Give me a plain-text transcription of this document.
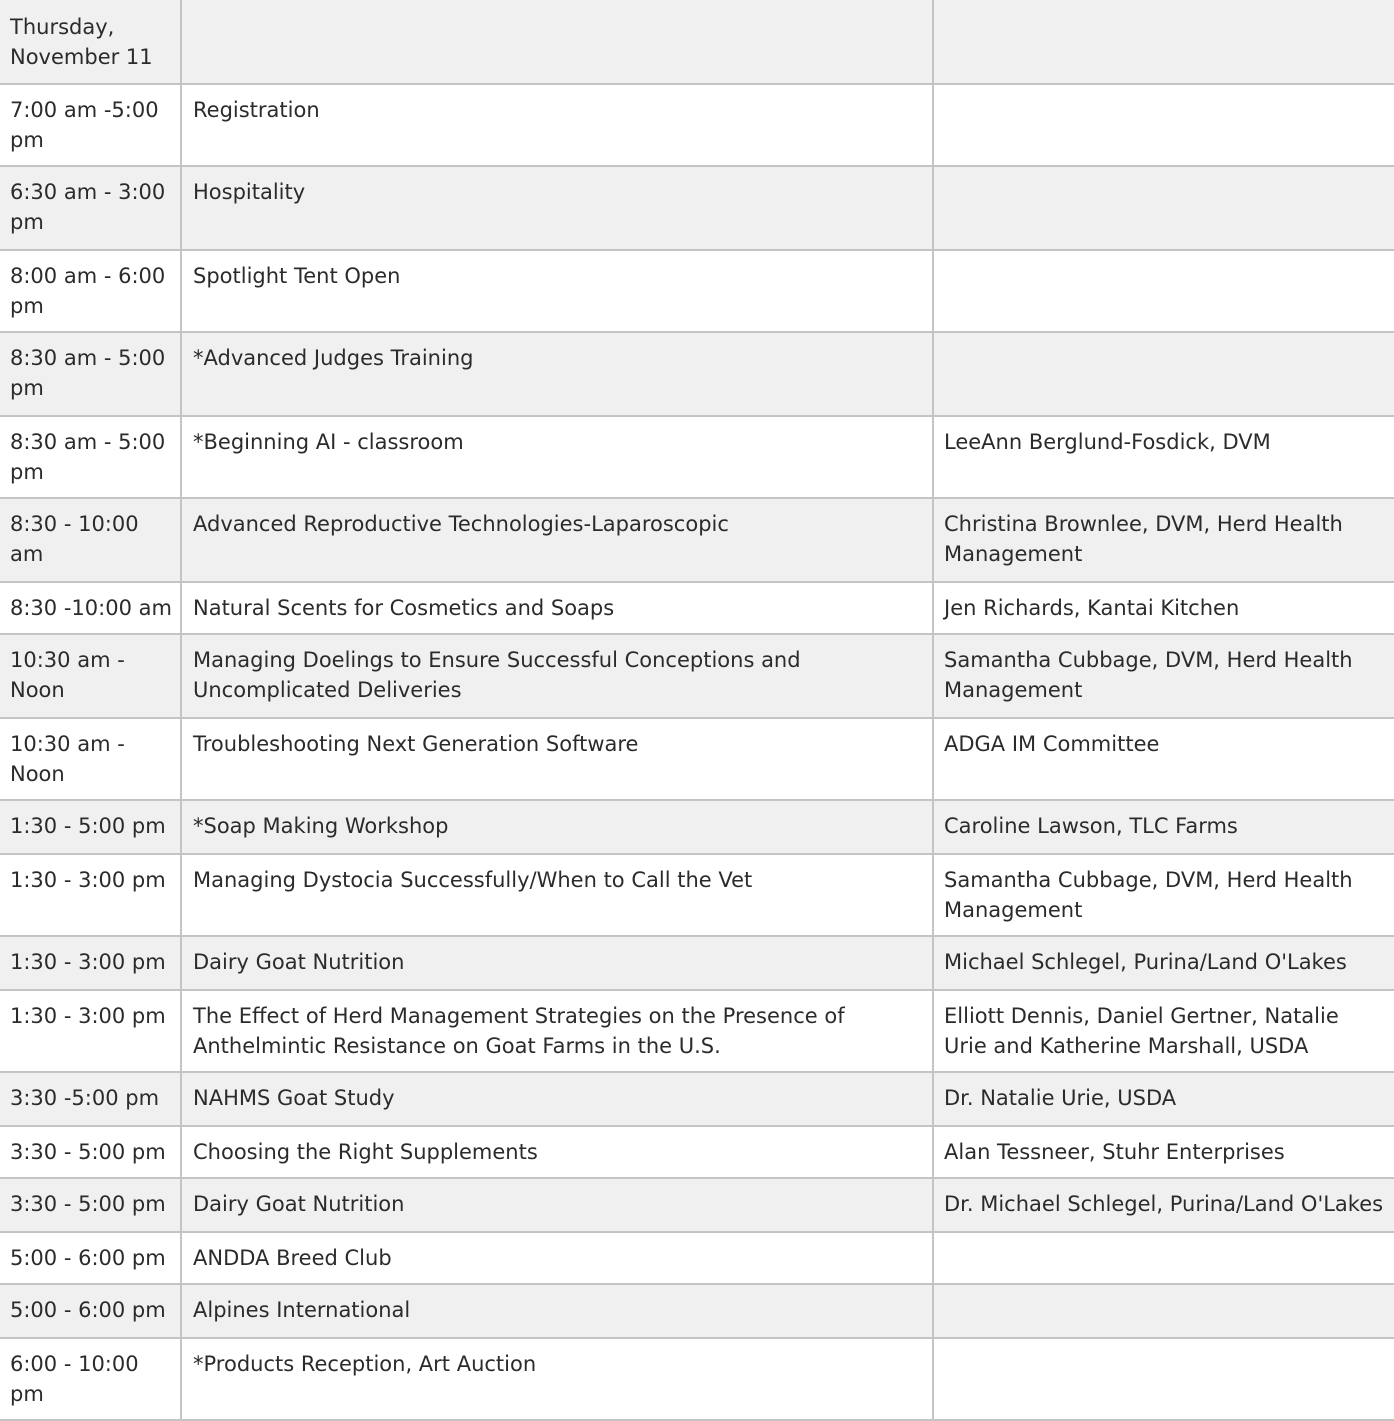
Thursday, November 11		
7:00 am -5:00 pm	Registration	
6:30 am - 3:00 pm	Hospitality	
8:00 am - 6:00 pm	Spotlight Tent Open	
8:30 am - 5:00 pm	*Advanced Judges Training	
8:30 am - 5:00 pm	*Beginning AI - classroom	LeeAnn Berglund-Fosdick, DVM
8:30 - 10:00 am	Advanced Reproductive Technologies-Laparoscopic	Christina Brownlee, DVM, Herd Health Management
8:30 -10:00 am	Natural Scents for Cosmetics and Soaps	Jen Richards, Kantai Kitchen
10:30 am - Noon	Managing Doelings to Ensure Successful Conceptions and Uncomplicated Deliveries	Samantha Cubbage, DVM, Herd Health Management
10:30 am - Noon	Troubleshooting Next Generation Software	ADGA IM Committee
1:30 - 5:00 pm	*Soap Making Workshop	Caroline Lawson, TLC Farms
1:30 - 3:00 pm	Managing Dystocia Successfully/When to Call the Vet	Samantha Cubbage, DVM, Herd Health Management
1:30 - 3:00 pm	Dairy Goat Nutrition	Michael Schlegel, Purina/Land O'Lakes
1:30 - 3:00 pm	The Effect of Herd Management Strategies on the Presence of Anthelmintic Resistance on Goat Farms in the U.S.	Elliott Dennis, Daniel Gertner, Natalie Urie and Katherine Marshall, USDA
3:30 -5:00 pm	NAHMS Goat Study	Dr. Natalie Urie, USDA
3:30 - 5:00 pm	Choosing the Right Supplements	Alan Tessneer, Stuhr Enterprises
3:30 - 5:00 pm	Dairy Goat Nutrition	Dr. Michael Schlegel, Purina/Land O'Lakes
5:00 - 6:00 pm	ANDDA Breed Club	
5:00 - 6:00 pm	Alpines International	
6:00 - 10:00 pm	*Products Reception, Art Auction	
